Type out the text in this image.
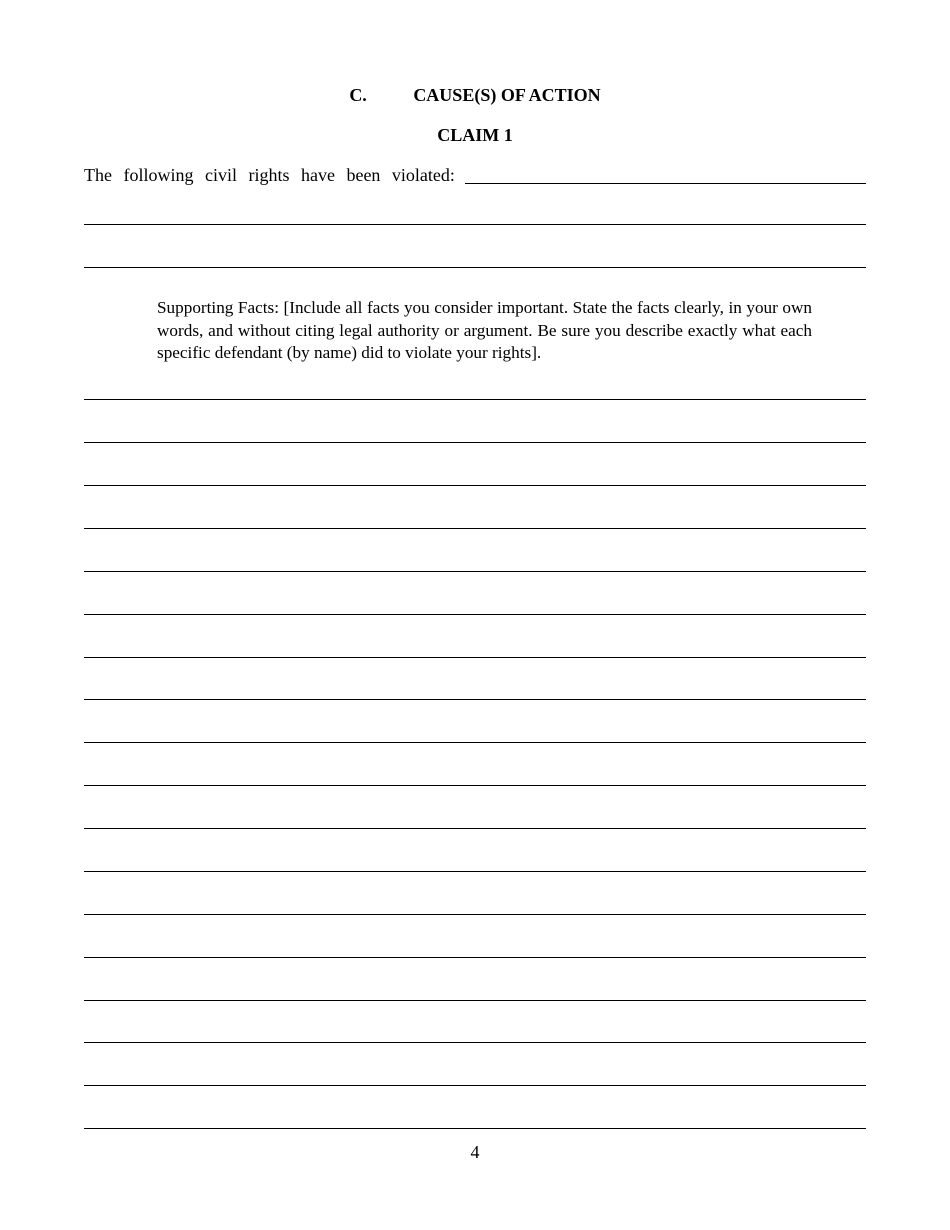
C.	CAUSE(S) OF ACTION
CLAIM 1
The following civil rights have been violated:
Supporting Facts: [Include all facts you consider important. State the facts clearly, in your own words, and without citing legal authority or argument. Be sure you describe exactly what each specific defendant (by name) did to violate your rights].
4
